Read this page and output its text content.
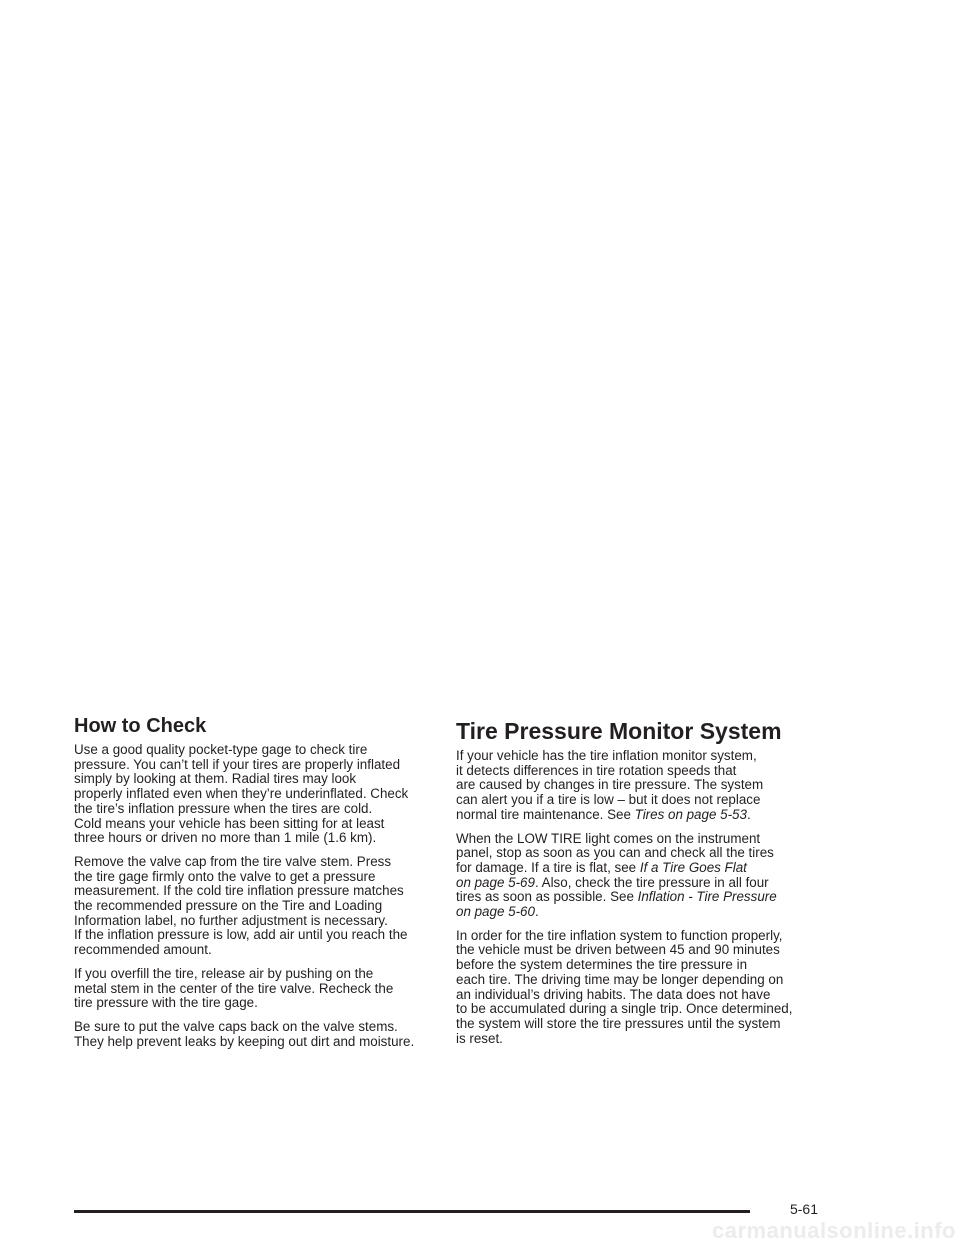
How to Check

Use a good quality pocket-type gage to check tire
pressure. You can’t tell if your tires are properly inflated
simply by looking at them. Radial tires may look
properly inflated even when they’re underinflated. Check
the tire’s inflation pressure when the tires are cold.
Cold means your vehicle has been sitting for at least
three hours or driven no more than 1 mile (1.6 km).

Remove the valve cap from the tire valve stem. Press
the tire gage firmly onto the valve to get a pressure
measurement. If the cold tire inflation pressure matches
the recommended pressure on the Tire and Loading
Information label, no further adjustment is necessary.
If the inflation pressure is low, add air until you reach the
recommended amount.

If you overfill the tire, release air by pushing on the
metal stem in the center of the tire valve. Recheck the
tire pressure with the tire gage.

Be sure to put the valve caps back on the valve stems.
They help prevent leaks by keeping out dirt and moisture.

Tire Pressure Monitor System

If your vehicle has the tire inflation monitor system,
it detects differences in tire rotation speeds that
are caused by changes in tire pressure. The system
can alert you if a tire is low – but it does not replace
normal tire maintenance. See Tires on page 5-53.

When the LOW TIRE light comes on the instrument
panel, stop as soon as you can and check all the tires
for damage. If a tire is flat, see If a Tire Goes Flat
on page 5-69. Also, check the tire pressure in all four
tires as soon as possible. See Inflation - Tire Pressure
on page 5-60.

In order for the tire inflation system to function properly,
the vehicle must be driven between 45 and 90 minutes
before the system determines the tire pressure in
each tire. The driving time may be longer depending on
an individual’s driving habits. The data does not have
to be accumulated during a single trip. Once determined,
the system will store the tire pressures until the system
is reset.

5-61
carmanualsonline.info
